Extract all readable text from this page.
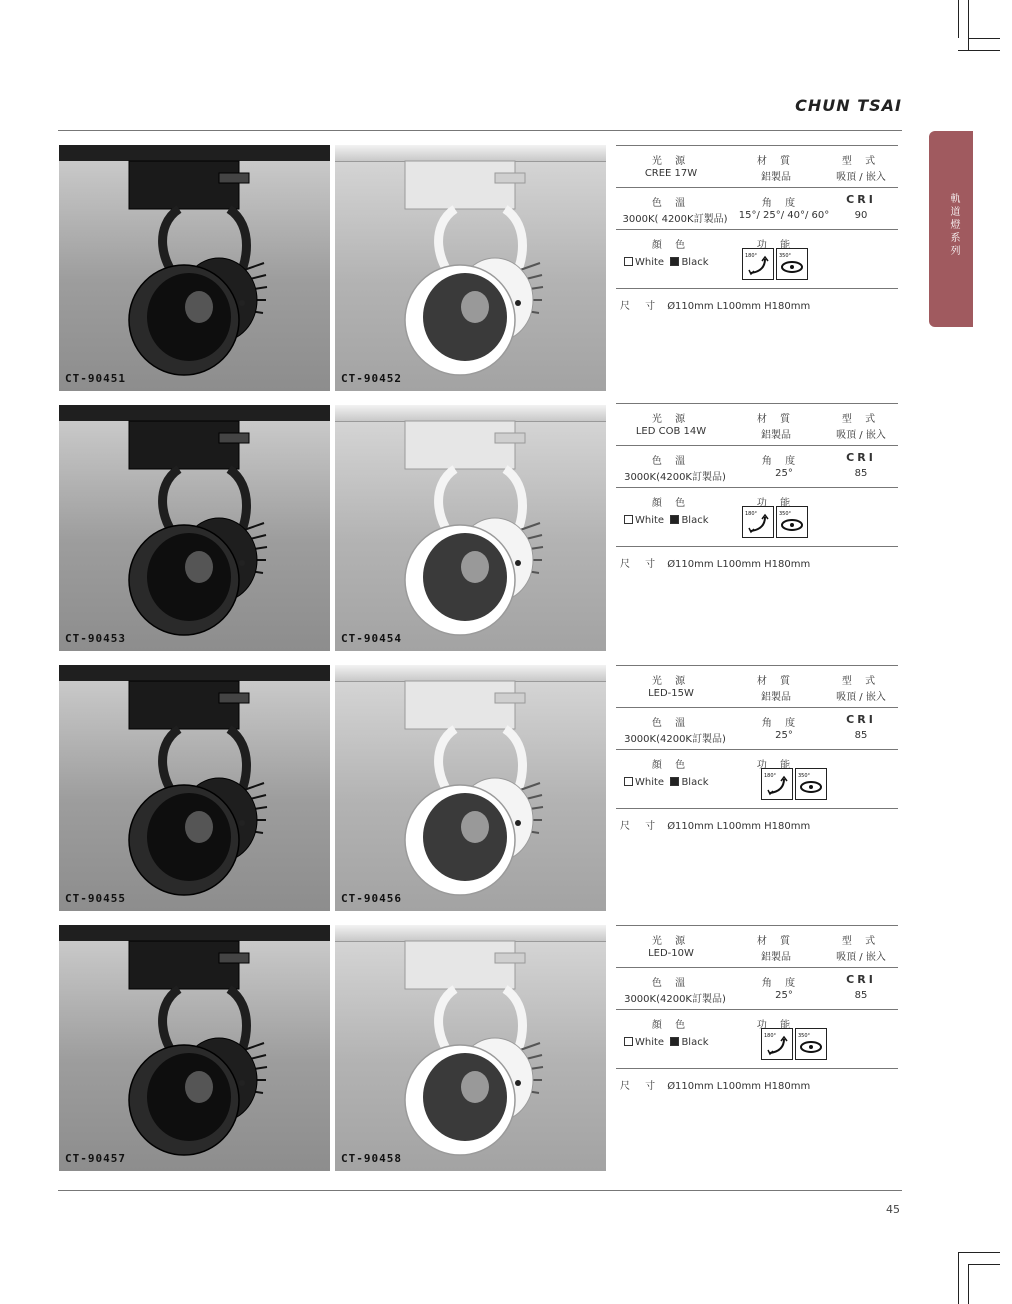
CHUN TSAI
軌道燈系列
CT-90451	CT-90452
光 源	材 質	型 式
CREE 17W	鋁製品	吸頂 / 嵌入
色 溫	角 度	CRI
3000K( 4200K訂製品)	15°/ 25°/ 40°/ 60°	90
顏 色	功 能
White Black
180°	350°
尺 寸 Ø110mm L100mm H180mm
CT-90453	CT-90454
光 源	材 質	型 式
LED COB 14W	鋁製品	吸頂 / 嵌入
色 溫	角 度	CRI
3000K(4200K訂製品)	25°	85
顏 色	功 能
White Black
180°	350°
尺 寸 Ø110mm L100mm H180mm
CT-90455	CT-90456
光 源	材 質	型 式
LED-15W	鋁製品	吸頂 / 嵌入
色 溫	角 度	CRI
3000K(4200K訂製品)	25°	85
顏 色	功 能
White Black
180°	350°
尺 寸 Ø110mm L100mm H180mm
CT-90457	CT-90458
光 源	材 質	型 式
LED-10W	鋁製品	吸頂 / 嵌入
色 溫	角 度	CRI
3000K(4200K訂製品)	25°	85
顏 色	功 能
White Black
180°	350°
尺 寸 Ø110mm L100mm H180mm
45
